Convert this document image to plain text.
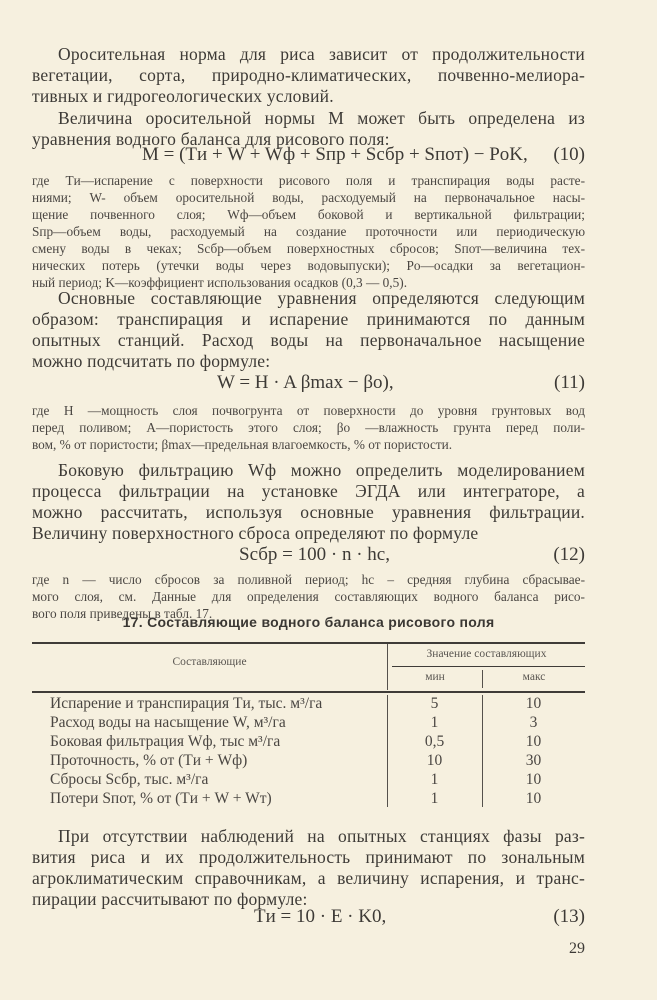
Оросительная норма для риса зависит от продолжительности
вегетации, сорта, природно-климатических, почвенно-мелиора-
тивных и гидрогеологических условий.
Величина оросительной нормы M может быть определена из
уравнения водного баланса для рисового поля:
M = (Tи + W + Wф + Sпр + Sсбр + Sпот) − PоK, (10)
где Tи—испарение с поверхности рисового поля и транспирация воды расте-
ниями; W- объем оросительной воды, расходуемый на первоначальное насы-
щение почвенного слоя; Wф—объем боковой и вертикальной фильтрации;
Sпр—объем воды, расходуемый на создание проточности или периодическую
смену воды в чеках; Sсбр—объем поверхностных сбросов; Sпот—величина тех-
нических потерь (утечки воды через водовыпуски); Pо—осадки за вегетацион-
ный период; K—коэффициент использования осадков (0,3 — 0,5).
Основные составляющие уравнения определяются следующим
образом: транспирация и испарение принимаются по данным
опытных станций. Расход воды на первоначальное насыщение
можно подсчитать по формуле:
W = H · A βmax − βo),	(11)
где H —мощность слоя почвогрунта от поверхности до уровня грунтовых вод
перед поливом; A—пористость этого слоя; βo —влажность грунта перед поли-
вом, % от пористости; βmax—предельная влагоемкость, % от пористости.
Боковую фильтрацию Wф можно определить моделированием
процесса фильтрации на установке ЭГДА или интеграторе, а
можно рассчитать, используя основные уравнения фильтрации.
Величину поверхностного сброса определяют по формуле
Sсбр = 100 · n · hс,	(12)
где n — число сбросов за поливной период; hс – средняя глубина сбрасывае-
мого слоя, см. Данные для определения составляющих водного баланса рисо-
вого поля приведены в табл. 17.
17. Составляющие водного баланса рисового поля
Составляющие
Значение составляющих
мин	макс
Испарение и транспирация Tи, тыс. м³/га	5	10
Расход воды на насыщение W, м³/га	1	3
Боковая фильтрация Wф, тыс м³/га	0,5	10
Проточность, % от (Tи + Wф)	10	30
Сбросы Sсбр, тыс. м³/га	1	10
Потери Sпот, % от (Tи + W + Wт)	1	10
При отсутствии наблюдений на опытных станциях фазы раз-
вития риса и их продолжительность принимают по зональным
агроклиматическим справочникам, а величину испарения, и транс-
пирации рассчитывают по формуле:
Tи = 10 · E · K0,	(13)
29
